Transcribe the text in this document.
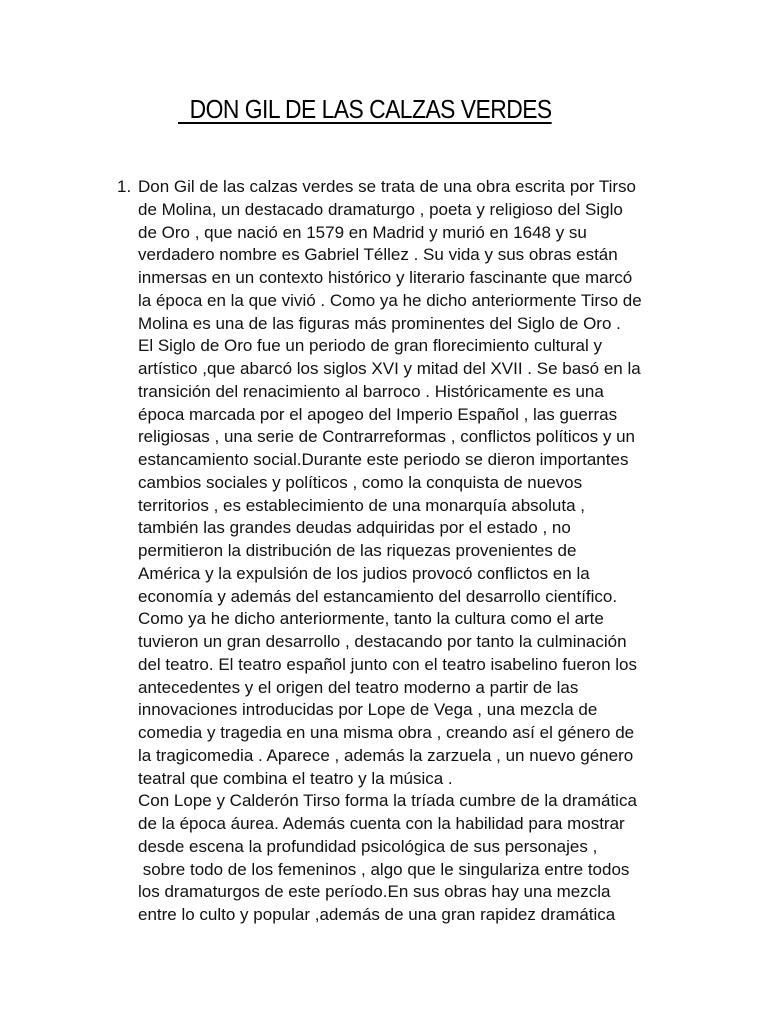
DON GIL DE LAS CALZAS VERDES
1. Don Gil de las calzas verdes se trata de una obra escrita por Tirso
de Molina, un destacado dramaturgo , poeta y religioso del Siglo
de Oro , que nació en 1579 en Madrid y murió en 1648 y su
verdadero nombre es Gabriel Téllez . Su vida y sus obras están
inmersas en un contexto histórico y literario fascinante que marcó
la época en la que vivió . Como ya he dicho anteriormente Tirso de
Molina es una de las figuras más prominentes del Siglo de Oro .
El Siglo de Oro fue un periodo de gran florecimiento cultural y
artístico ,que abarcó los siglos XVI y mitad del XVII . Se basó en la
transición del renacimiento al barroco . Históricamente es una
época marcada por el apogeo del Imperio Español , las guerras
religiosas , una serie de Contrarreformas , conflictos políticos y un
estancamiento social.Durante este periodo se dieron importantes
cambios sociales y políticos , como la conquista de nuevos
territorios , es establecimiento de una monarquía absoluta ,
también las grandes deudas adquiridas por el estado , no
permitieron la distribución de las riquezas provenientes de
América y la expulsión de los judios provocó conflictos en la
economía y además del estancamiento del desarrollo científico.
Como ya he dicho anteriormente, tanto la cultura como el arte
tuvieron un gran desarrollo , destacando por tanto la culminación
del teatro. El teatro español junto con el teatro isabelino fueron los
antecedentes y el origen del teatro moderno a partir de las
innovaciones introducidas por Lope de Vega , una mezcla de
comedia y tragedia en una misma obra , creando así el género de
la tragicomedia . Aparece , además la zarzuela , un nuevo género
teatral que combina el teatro y la música .
Con Lope y Calderón Tirso forma la tríada cumbre de la dramática
de la época áurea. Además cuenta con la habilidad para mostrar
desde escena la profundidad psicológica de sus personajes ,
sobre todo de los femeninos , algo que le singulariza entre todos
los dramaturgos de este período.En sus obras hay una mezcla
entre lo culto y popular ,además de una gran rapidez dramática
